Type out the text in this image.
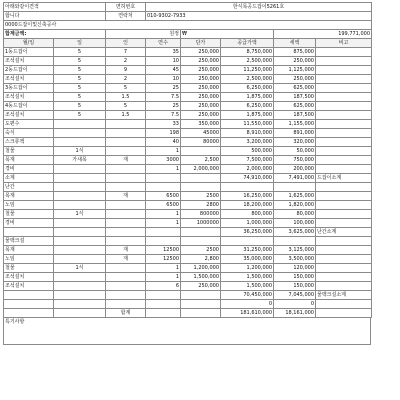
아래와같이견적		면허번호	한식목공드잡이5261호				
합니다		연락처	010-9302-7933				
0000드잡이및신축공사							
합계금액:		원정		₩		199,771,000	
월/일	일	인	연수	단가	공급가액	세액	비고
1동드잡이	5	7	35	250,000	8,750,000	875,000	
조석설치	5	2	10	250,000	2,500,000	250,000	
2동드잡이	5	9	45	250,000	11,250,000	1,125,000	
조석설치	5	2	10	250,000	2,500,000	250,000	
3동드잡이	5	5	25	250,000	6,250,000	625,000	
조석설치	5	1.5	7.5	250,000	1,875,000	187,500	
4동드잡이	5	5	25	250,000	6,250,000	625,000	
조석설치	5	1.5	7.5	250,000	1,875,000	187,500	
도편수			33	350,000	11,550,000	1,155,000	
숙식			198	45000	8,910,000	891,000	
스크류잭			40	80000	3,200,000	320,000	
철물	1식		1		500,000	50,000	
목재	가새목	재	3000	2,500	7,500,000	750,000	
경비			1	2,000,000	2,000,000	200,000	
소계					74,910,000	7,491,000	드잡이소계
난간							
목재		재	6500	2500	16,250,000	1,625,000	
노임			6500	2800	18,200,000	1,820,000	
철물	1식		1	800000	800,000	80,000	
경비			1	1000000	1,000,000	100,000	
					36,250,000	3,625,000	난간소계
물맥크설							
목재		재	12500	2500	31,250,000	3,125,000	
노임		재	12500	2,800	35,000,000	3,500,000	
철물	1식		1	1,200,000	1,200,000	120,000	
조석설치			1	1,500,000	1,500,000	150,000	
조석설치			6	250,000	1,500,000	150,000	
					70,450,000	7,045,000	물맥크설소계
					0	0	
		합계			181,610,000	18,161,000	
특기사항
